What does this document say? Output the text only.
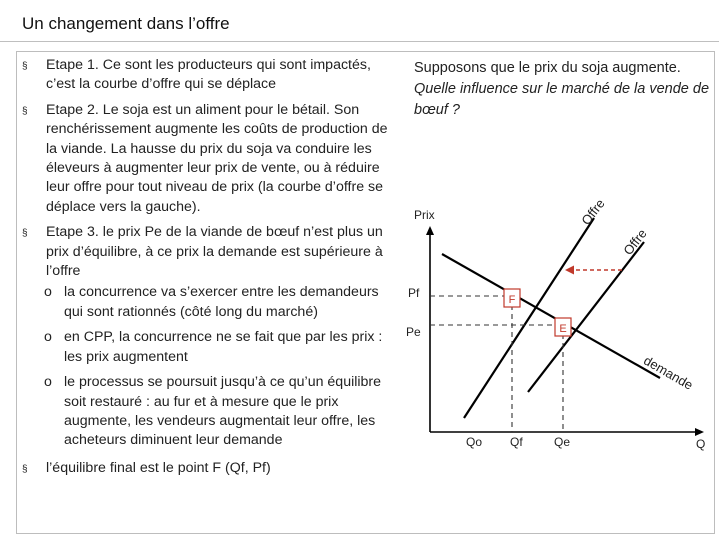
Un changement dans l’offre
§ Etape 1. Ce sont les producteurs qui sont impactés, c’est la courbe d’offre qui se déplace
§ Etape 2. Le soja est un aliment pour le bétail. Son renchérissement augmente les coûts de production de la viande. La hausse du prix du soja va conduire les éleveurs à augmenter leur prix de vente, ou à réduire leur offre pour tout niveau de prix (la courbe d’offre se déplace vers la gauche).
§ Etape 3. le prix Pe de la viande de bœuf n’est plus un prix d’équilibre, à ce prix la demande est supérieure à l’offre
o la concurrence va s’exercer entre les demandeurs qui sont rationnés (côté long du marché)
o en CPP, la concurrence ne se fait que par les prix : les prix augmentent
o le processus se poursuit jusqu’à ce qu’un équilibre soit restauré : au fur et à mesure que le prix augmente, les vendeurs augmentait leur offre, les acheteurs diminuent leur demande
§ l’équilibre final est le point F (Qf, Pf)
Supposons que le prix du soja augmente.
Quelle influence sur le marché de la vende de bœuf ?
F
E
Prix
Q
Pf
Pe
Qo Qf	Qe
Offre
Offre
demande
